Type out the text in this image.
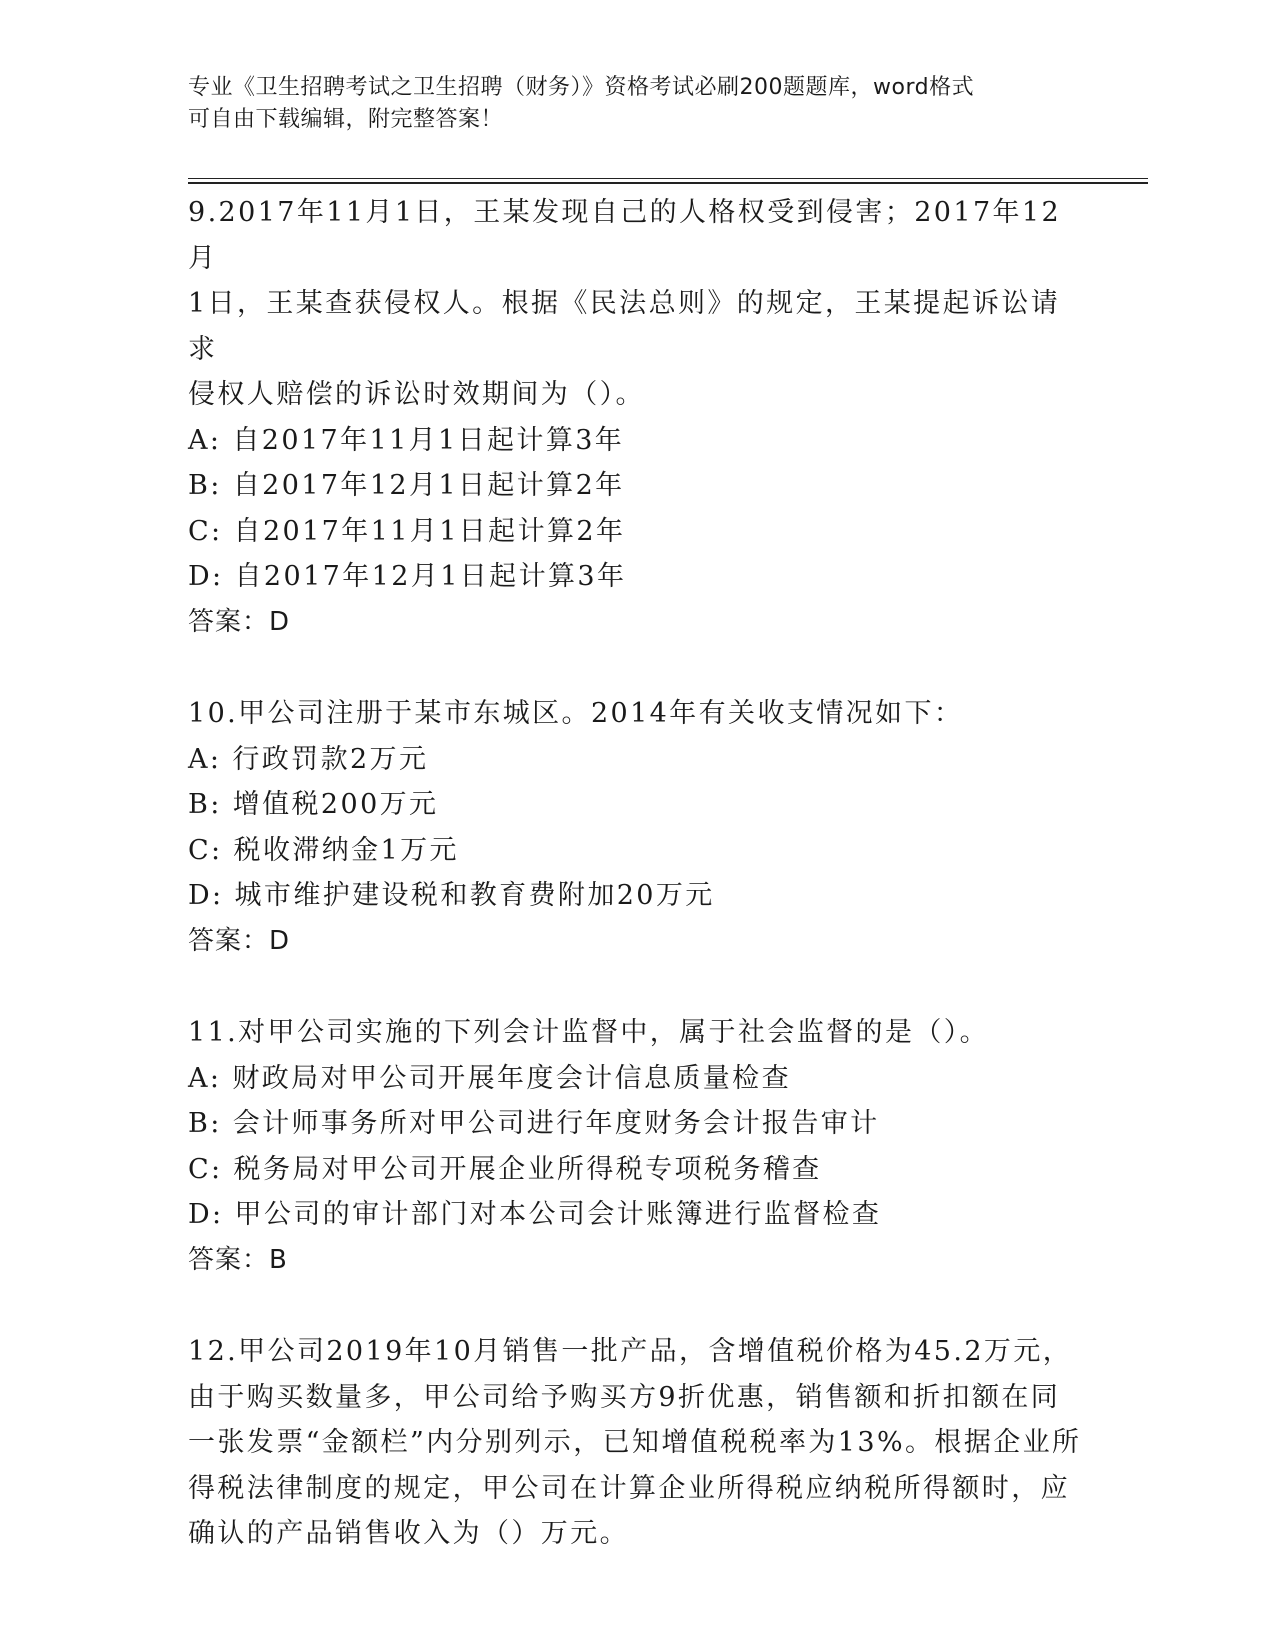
专业《卫生招聘考试之卫生招聘（财务）》资格考试必刷200题题库，word格式
可自由下载编辑，附完整答案！

9.2017年11月1日，王某发现自己的人格权受到侵害；2017年12月

1日，王某查获侵权人。根据《民法总则》的规定，王某提起诉讼请求

侵权人赔偿的诉讼时效期间为（）。

A: 自2017年11月1日起计算3年

B: 自2017年12月1日起计算2年

C: 自2017年11月1日起计算2年

D: 自2017年12月1日起计算3年

答案：D

10.甲公司注册于某市东城区。2014年有关收支情况如下：

A: 行政罚款2万元

B: 增值税200万元

C: 税收滞纳金1万元

D: 城市维护建设税和教育费附加20万元

答案：D

11.对甲公司实施的下列会计监督中，属于社会监督的是（）。

A: 财政局对甲公司开展年度会计信息质量检查

B: 会计师事务所对甲公司进行年度财务会计报告审计

C: 税务局对甲公司开展企业所得税专项税务稽查

D: 甲公司的审计部门对本公司会计账簿进行监督检查

答案：B

12.甲公司2019年10月销售一批产品，含增值税价格为45.2万元，

由于购买数量多，甲公司给予购买方9折优惠，销售额和折扣额在同

一张发票“金额栏”内分别列示，已知增值税税率为13%。根据企业所

得税法律制度的规定，甲公司在计算企业所得税应纳税所得额时，应

确认的产品销售收入为（）万元。
